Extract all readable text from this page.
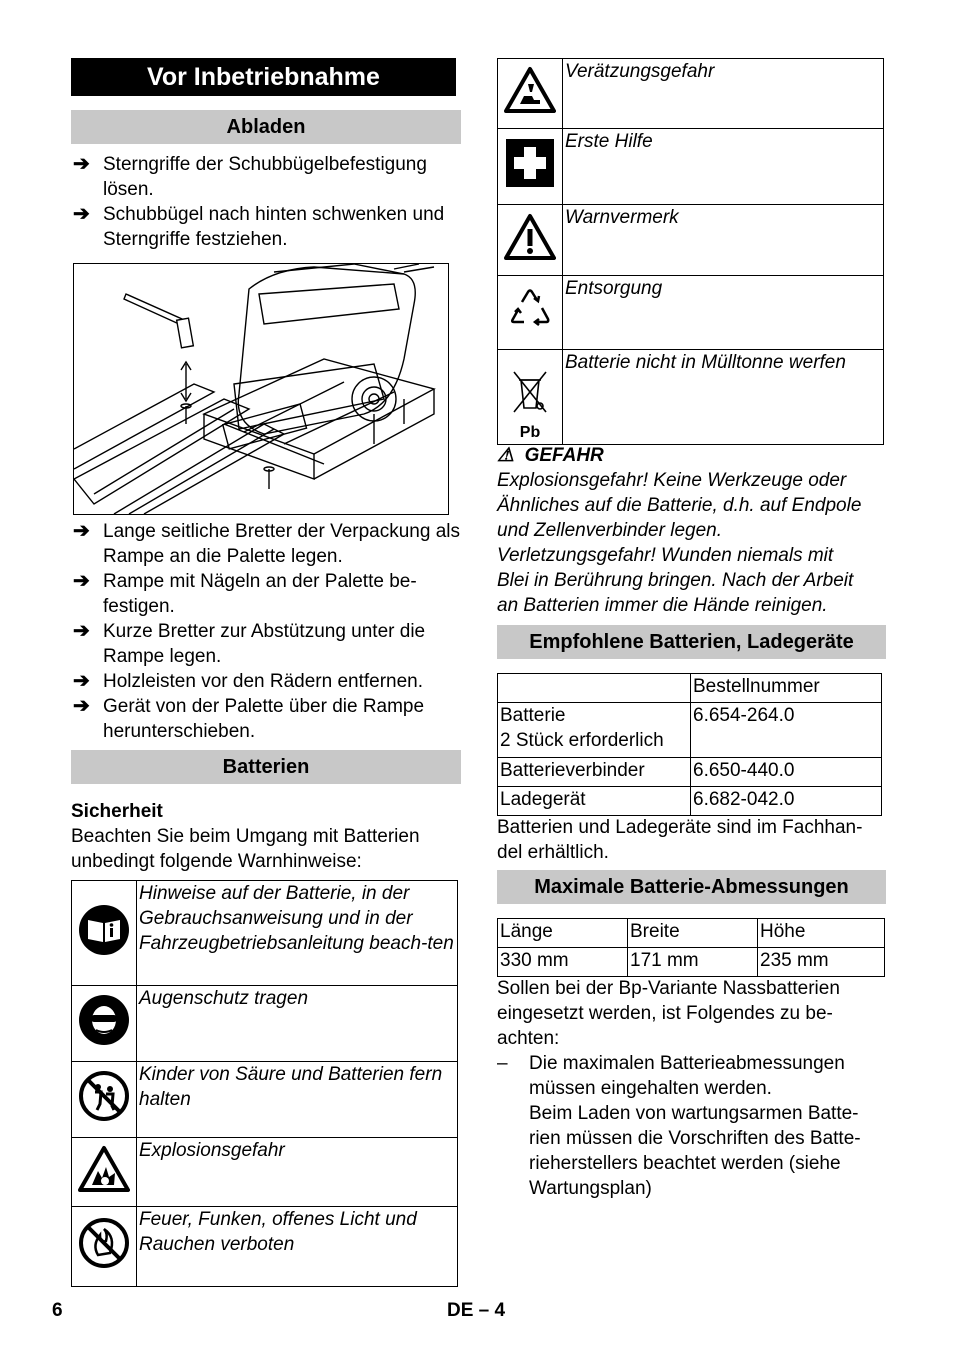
Vor Inbetriebnahme
Abladen
➔ Sterngriffe der Schubbügelbefestigung lösen.
➔ Schubbügel nach hinten schwenken und Sterngriffe festziehen.
➔ Lange seitliche Bretter der Verpackung als Rampe an die Palette legen.
➔ Rampe mit Nägeln an der Palette be-festigen.
➔ Kurze Bretter zur Abstützung unter die Rampe legen.
➔ Holzleisten vor den Rädern entfernen.
➔ Gerät von der Palette über die Rampe herunterschieben.
Batterien
Sicherheit
Beachten Sie beim Umgang mit Batterien unbedingt folgende Warnhinweise:
	Hinweise auf der Batterie, in der Gebrauchsanweisung und in der Fahrzeugbetriebsanleitung beach-ten
	Augenschutz tragen
	Kinder von Säure und Batterien fern halten
	Explosionsgefahr
	Feuer, Funken, offenes Licht und Rauchen verboten
	Verätzungsgefahr
	Erste Hilfe
	Warnvermerk
	Entsorgung

Pb	Batterie nicht in Mülltonne werfen
⚠ GEFAHR
Explosionsgefahr! Keine Werkzeuge oder
Ähnliches auf die Batterie, d.h. auf Endpole
und Zellenverbinder legen.
Verletzungsgefahr! Wunden niemals mit
Blei in Berührung bringen. Nach der Arbeit
an Batterien immer die Hände reinigen.
Empfohlene Batterien, Ladegeräte
	Bestellnummer
Batterie
2 Stück erforderlich	6.654-264.0
Batterieverbinder	6.650-440.0
Ladegerät	6.682-042.0
Batterien und Ladegeräte sind im Fachhan-
del erhältlich.
Maximale Batterie-Abmessungen
Länge	Breite	Höhe
330 mm	171 mm	235 mm
Sollen bei der Bp-Variante Nassbatterien
eingesetzt werden, ist Folgendes zu be-
achten:
– Die maximalen Batterieabmessungen
müssen eingehalten werden.
Beim Laden von wartungsarmen Batte-
rien müssen die Vorschriften des Batte-
rieherstellers beachtet werden (siehe
Wartungsplan)
6	DE – 4
